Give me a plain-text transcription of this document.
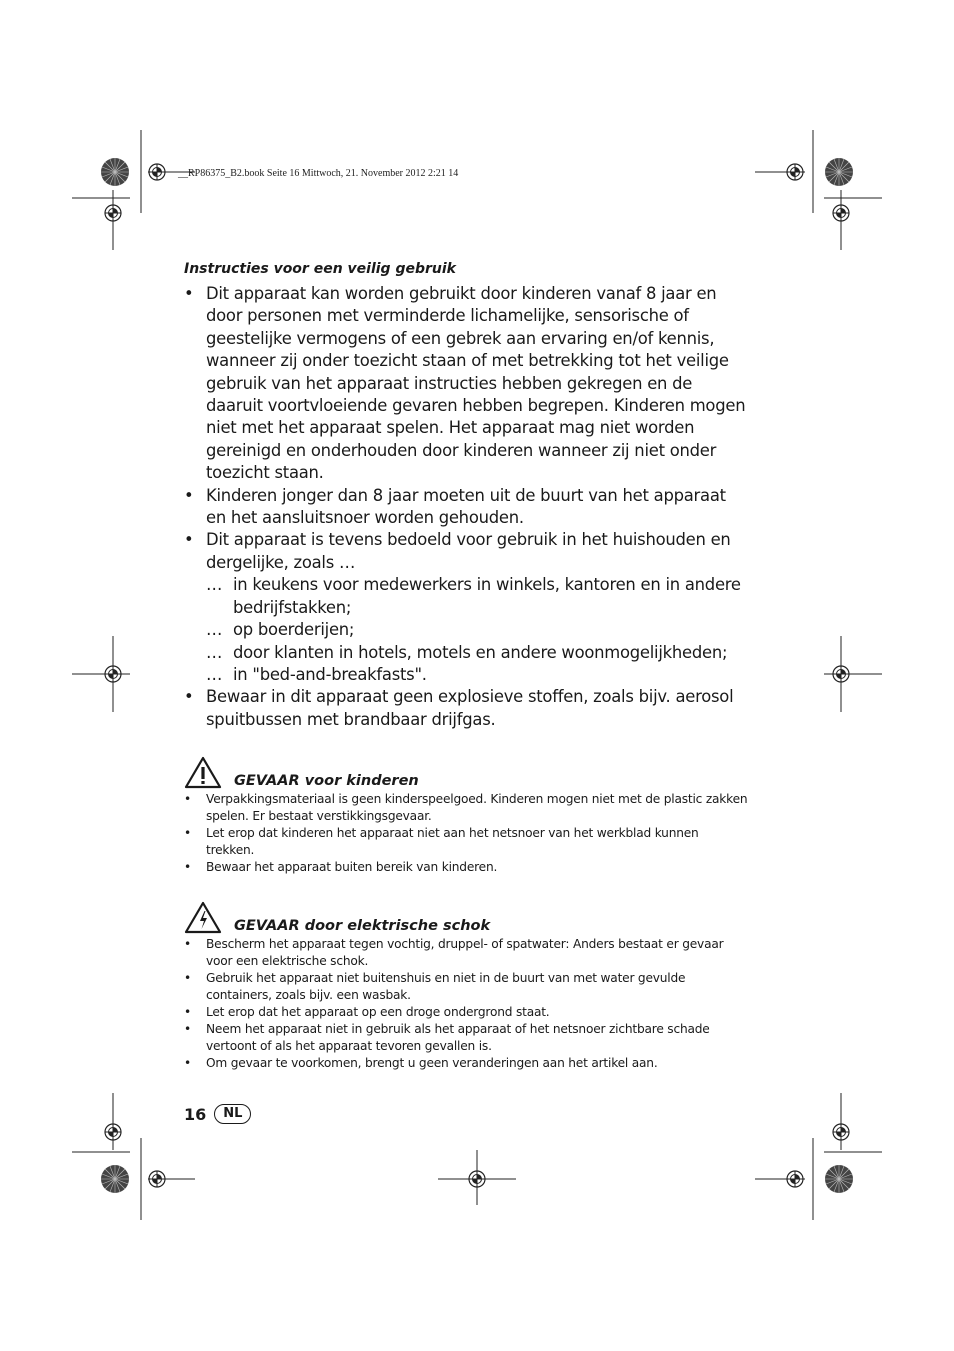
__RP86375_B2.book Seite 16 Mittwoch, 21. November 2012 2:21 14
Instructies voor een veilig gebruik
• Dit apparaat kan worden gebruikt door kinderen vanaf 8 jaar en door personen met verminderde lichamelijke, sensorische of geestelijke vermogens of een gebrek aan ervaring en/of kennis, wanneer zij onder toezicht staan of met betrekking tot het veilige gebruik van het apparaat instructies hebben gekregen en de daaruit voortvloeiende gevaren hebben begrepen. Kinderen mogen niet met het apparaat spelen. Het apparaat mag niet worden gereinigd en onderhouden door kinderen wanneer zij niet onder toezicht staan.
• Kinderen jonger dan 8 jaar moeten uit de buurt van het apparaat en het aansluitsnoer worden gehouden.
• Dit apparaat is tevens bedoeld voor gebruik in het huishouden en dergelijke, zoals …
… in keukens voor medewerkers in winkels, kantoren en in andere bedrijfstakken;
… op boerderijen;
… door klanten in hotels, motels en andere woonmogelijkheden;
… in "bed-and-breakfasts".
• Bewaar in dit apparaat geen explosieve stoffen, zoals bijv. aerosol spuitbussen met brandbaar drijfgas.
GEVAAR voor kinderen
• Verpakkingsmateriaal is geen kinderspeelgoed. Kinderen mogen niet met de plastic zakken spelen. Er bestaat verstikkingsgevaar.
• Let erop dat kinderen het apparaat niet aan het netsnoer van het werkblad kunnen trekken.
• Bewaar het apparaat buiten bereik van kinderen.
GEVAAR door elektrische schok
• Bescherm het apparaat tegen vochtig, druppel- of spatwater: Anders bestaat er gevaar voor een elektrische schok.
• Gebruik het apparaat niet buitenshuis en niet in de buurt van met water gevulde containers, zoals bijv. een wasbak.
• Let erop dat het apparaat op een droge ondergrond staat.
• Neem het apparaat niet in gebruik als het apparaat of het netsnoer zichtbare schade vertoont of als het apparaat tevoren gevallen is.
• Om gevaar te voorkomen, brengt u geen veranderingen aan het artikel aan.
16	NL
